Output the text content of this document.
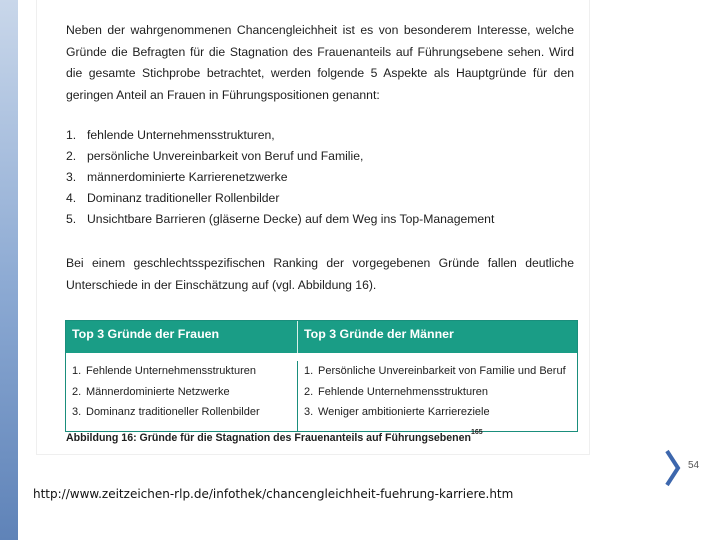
Neben der wahrgenommenen Chancengleichheit ist es von besonderem Interesse, welche Gründe die Befragten für die Stagnation des Frauenanteils auf Führungsebene sehen. Wird die gesamte Stichprobe betrachtet, werden folgende 5 Aspekte als Hauptgründe für den geringen Anteil an Frauen in Führungspositionen genannt:
1. fehlende Unternehmensstrukturen,
2. persönliche Unvereinbarkeit von Beruf und Familie,
3. männerdominierte Karrierenetzwerke
4. Dominanz traditioneller Rollenbilder
5. Unsichtbare Barrieren (gläserne Decke) auf dem Weg ins Top-Management
Bei einem geschlechtsspezifischen Ranking der vorgegebenen Gründe fallen deutliche Unterschiede in der Einschätzung auf (vgl. Abbildung 16).
Top 3 Gründe der Frauen	Top 3 Gründe der Männer
1. Fehlende Unternehmensstrukturen
2. Männerdominierte Netzwerke
3. Dominanz traditioneller Rollenbilder
1. Persönliche Unvereinbarkeit von Familie und Beruf
2. Fehlende Unternehmensstrukturen
3. Weniger ambitionierte Karriereziele
Abbildung 16: Gründe für die Stagnation des Frauenanteils auf Führungsebenen$^{165}$
54
http://www.zeitzeichen-rlp.de/infothek/chancengleichheit-fuehrung-karriere.htm
